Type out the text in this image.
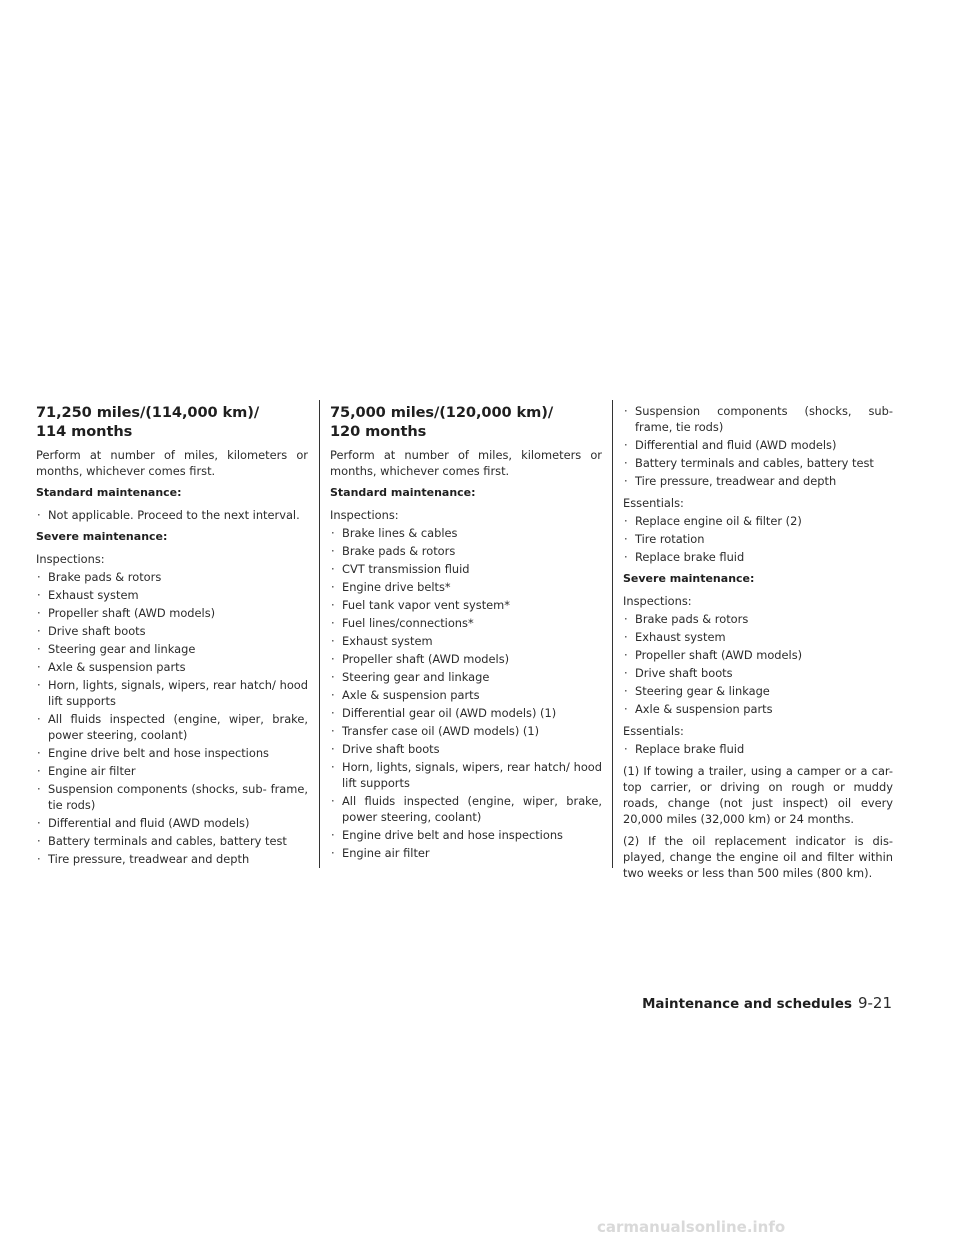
71,250 miles/(114,000 km)/
114 months

Perform at number of miles, kilometers or months, whichever comes first.

Standard maintenance:

· Not applicable. Proceed to the next interval.

Severe maintenance:

Inspections:

· Brake pads & rotors
· Exhaust system
· Propeller shaft (AWD models)
· Drive shaft boots
· Steering gear and linkage
· Axle & suspension parts
· Horn, lights, signals, wipers, rear hatch/ hood lift supports
· All fluids inspected (engine, wiper, brake, power steering, coolant)
· Engine drive belt and hose inspections
· Engine air filter
· Suspension components (shocks, sub- frame, tie rods)
· Differential and fluid (AWD models)
· Battery terminals and cables, battery test
· Tire pressure, treadwear and depth
75,000 miles/(120,000 km)/
120 months

Perform at number of miles, kilometers or months, whichever comes first.

Standard maintenance:

Inspections:

· Brake lines & cables
· Brake pads & rotors
· CVT transmission fluid
· Engine drive belts*
· Fuel tank vapor vent system*
· Fuel lines/connections*
· Exhaust system
· Propeller shaft (AWD models)
· Steering gear and linkage
· Axle & suspension parts
· Differential gear oil (AWD models) (1)
· Transfer case oil (AWD models) (1)
· Drive shaft boots
· Horn, lights, signals, wipers, rear hatch/ hood lift supports
· All fluids inspected (engine, wiper, brake, power steering, coolant)
· Engine drive belt and hose inspections
· Engine air filter
· Suspension components (shocks, sub- frame, tie rods)
· Differential and fluid (AWD models)
· Battery terminals and cables, battery test
· Tire pressure, treadwear and depth

Essentials:

· Replace engine oil & filter (2)
· Tire rotation
· Replace brake fluid

Severe maintenance:

Inspections:

· Brake pads & rotors
· Exhaust system
· Propeller shaft (AWD models)
· Drive shaft boots
· Steering gear & linkage
· Axle & suspension parts

Essentials:

· Replace brake fluid

(1) If towing a trailer, using a camper or a car-top carrier, or driving on rough or muddy roads, change (not just inspect) oil every 20,000 miles (32,000 km) or 24 months.

(2) If the oil replacement indicator is dis- played, change the engine oil and filter within two weeks or less than 500 miles (800 km).

Maintenance and schedules 9-21
carmanualsonline.info
